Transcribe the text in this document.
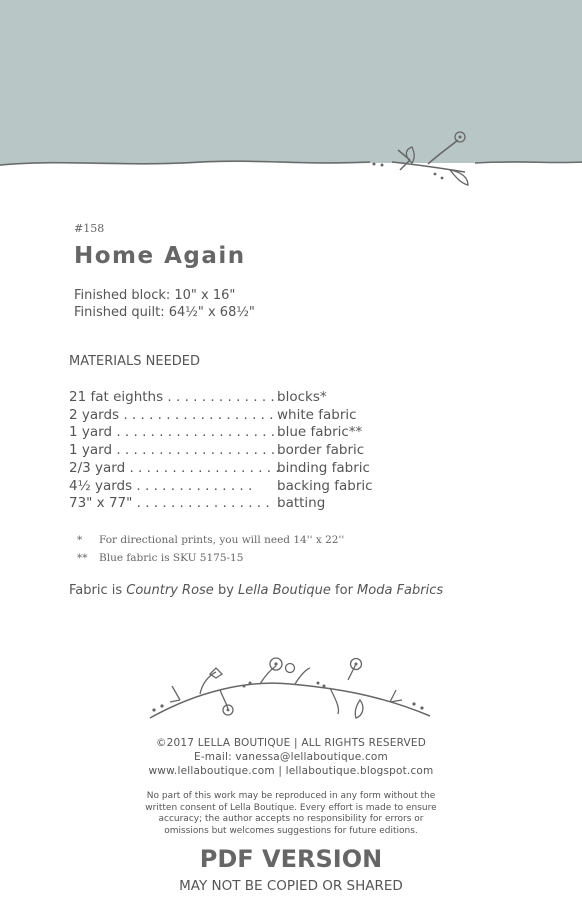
#158
Home Again
Finished block: 10" x 16"
Finished quilt: 64½" x 68½"
MATERIALS NEEDED
21 fat eighths . . . . . . . . . . . . . blocks*
2 yards . . . . . . . . . . . . . . . . . . white fabric
1 yard . . . . . . . . . . . . . . . . . . . blue fabric**
1 yard . . . . . . . . . . . . . . . . . . . border fabric
2/3 yard . . . . . . . . . . . . . . . . . .
binding fabric
4½ yards . . . . . . . . . . . . . .	backing fabric
73" x 77" . . . . . . . . . . . . . . . . batting
* For directional prints, you will need 14'' x 22''
** Blue fabric is SKU 5175-15
Fabric is Country Rose by Lella Boutique for Moda Fabrics
©2017 LELLA BOUTIQUE | ALL RIGHTS RESERVED
E-mail: vanessa@lellaboutique.com
www.lellaboutique.com | lellaboutique.blogspot.com
No part of this work may be reproduced in any form without the
written consent of Lella Boutique. Every effort is made to ensure
accuracy; the author accepts no responsibility for errors or
omissions but welcomes suggestions for future editions.
PDF VERSION
MAY NOT BE COPIED OR SHARED
